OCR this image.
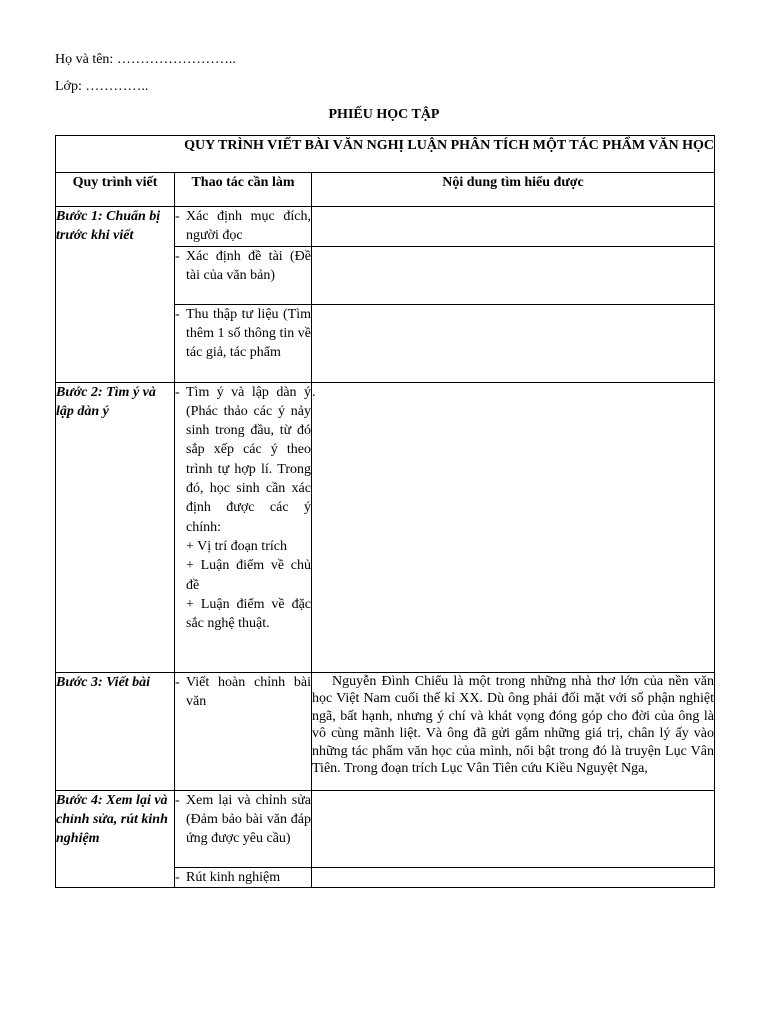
Họ và tên: ……………………..
Lớp: …………..
PHIẾU HỌC TẬP
QUY TRÌNH VIẾT BÀI VĂN NGHỊ LUẬN PHÂN TÍCH MỘT TÁC PHẨM VĂN HỌC		
Quy trình viết	Thao tác cần làm	Nội dung tìm hiểu được
Bước 1: Chuẩn bị trước khi viết	- Xác định mục đích, người đọc	

	- Xác định đề tài (Đề tài của văn bản)	

	- Thu thập tư liệu (Tìm thêm 1 số thông tin về tác giả, tác phẩm	

Bước 2: Tìm ý và lập dàn ý	- Tìm ý và lập dàn ý (Phác thảo các ý nảy sinh trong đầu, từ đó sắp xếp các ý theo trình tự hợp lí. Trong đó, học sinh cần xác định được các ý chính:
+ Vị trí đoạn trích
+ Luận điểm về chủ đề
+ Luận điểm về đặc sắc nghệ thuật.	.
Bước 3: Viết bài	- Viết hoàn chỉnh bài văn	Nguyễn Đình Chiểu là một trong những nhà thơ lớn của nền văn học Việt Nam cuối thế kỉ XX. Dù ông phải đối mặt với số phận nghiệt ngã, bất hạnh, nhưng ý chí và khát vọng đóng góp cho đời của ông là vô cùng mãnh liệt. Và ông đã gửi gắm những giá trị, chân lý ấy vào những tác phẩm văn học của mình, nổi bật trong đó là truyện Lục Vân Tiên. Trong đoạn trích Lục Vân Tiên cứu Kiều Nguyệt Nga,

Bước 4: Xem lại và chỉnh sửa, rút kinh nghiệm	- Xem lại và chỉnh sửa (Đảm bảo bài văn đáp ứng được yêu cầu)	

	- Rút kinh nghiệm	
